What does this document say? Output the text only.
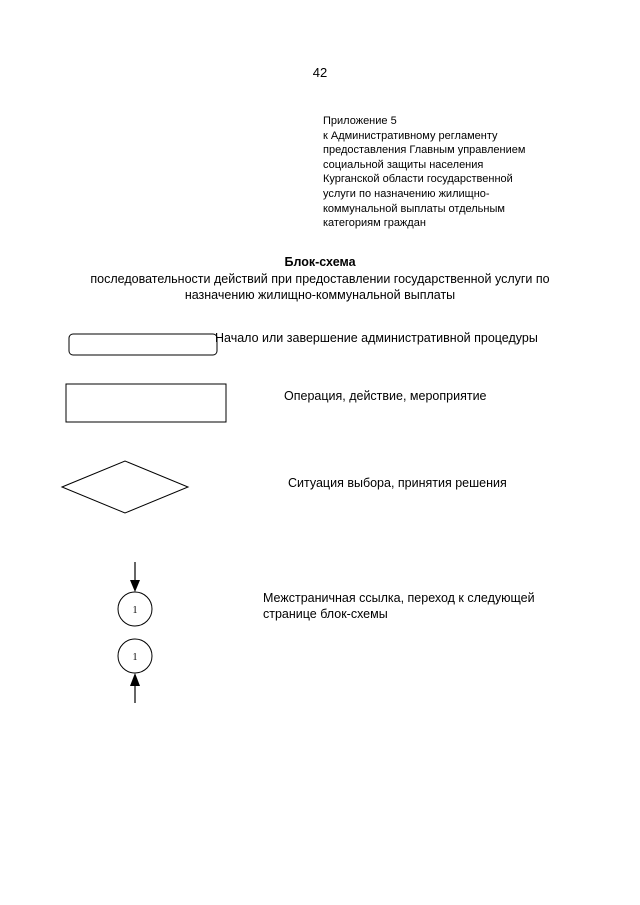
42
Приложение 5
к Административному регламенту
предоставления Главным управлением
социальной защиты населения
Курганской области государственной
услуги по назначению жилищно-
коммунальной выплаты отдельным
категориям граждан
Блок-схема
последовательности действий при предоставлении государственной услуги по
назначению жилищно-коммунальной выплаты
1
1
Начало или завершение административной процедуры
Операция, действие, мероприятие
Ситуация выбора, принятия решения
Межстраничная ссылка, переход к следующей
странице блок-схемы
